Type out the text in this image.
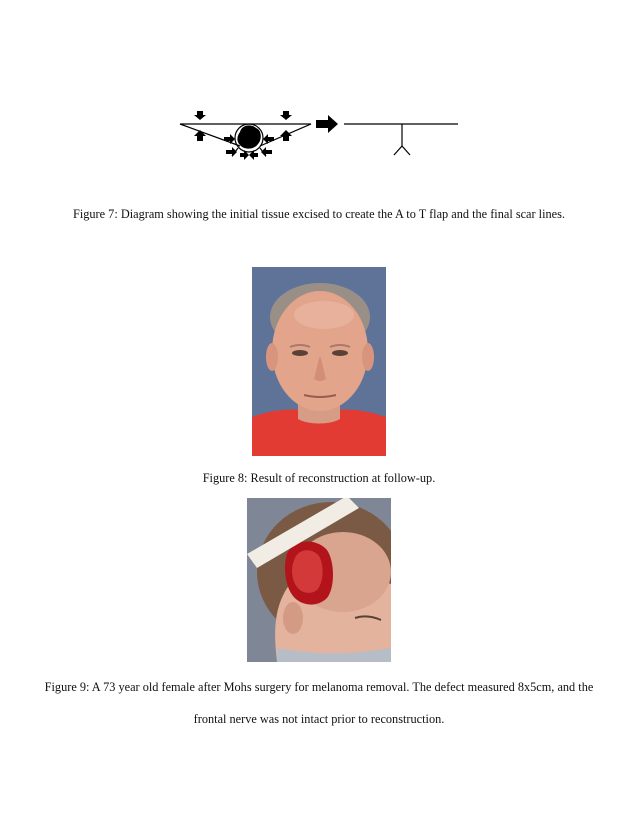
Figure 7: Diagram showing the initial tissue excised to create the A to T flap and the final scar lines.

Figure 8: Result of reconstruction at follow-up.

Figure 9: A 73 year old female after Mohs surgery for melanoma removal. The defect measured 8x5cm, and the frontal nerve was not intact prior to reconstruction.
